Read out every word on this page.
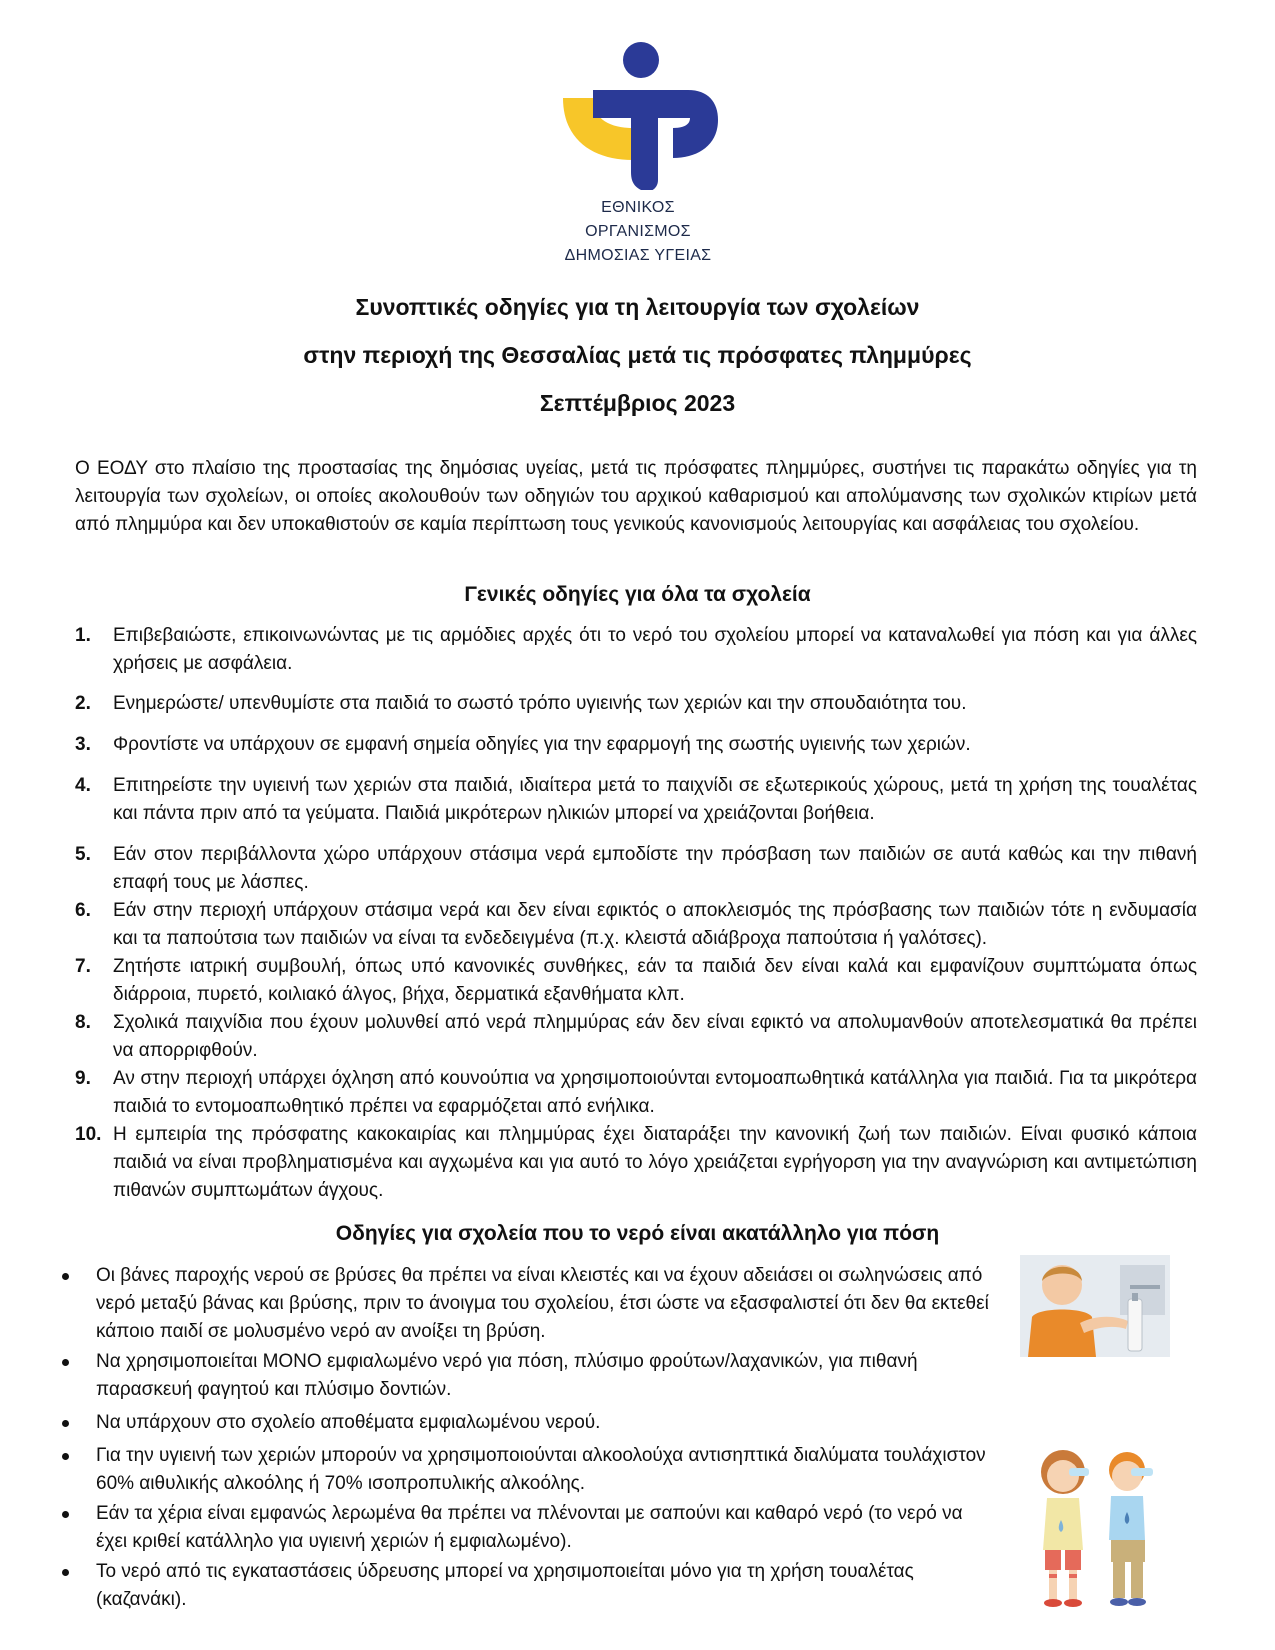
ΕΘΝΙΚΟΣ ΟΡΓΑΝΙΣΜΟΣ
ΔΗΜΟΣΙΑΣ ΥΓΕΙΑΣ
Συνοπτικές οδηγίες για τη λειτουργία των σχολείων
στην περιοχή της Θεσσαλίας μετά τις πρόσφατες πλημμύρες
Σεπτέμβριος 2023
Ο ΕΟΔΥ στο πλαίσιο της προστασίας της δημόσιας υγείας, μετά τις πρόσφατες πλημμύρες, συστήνει τις παρακάτω οδηγίες για τη λειτουργία των σχολείων, οι οποίες ακολουθούν των οδηγιών του αρχικού καθαρισμού και απολύμανσης των σχολικών κτιρίων μετά από πλημμύρα και δεν υποκαθιστούν σε καμία περίπτωση τους γενικούς κανονισμούς λειτουργίας και ασφάλειας του σχολείου.
Γενικές οδηγίες για όλα τα σχολεία
1. Επιβεβαιώστε, επικοινωνώντας με τις αρμόδιες αρχές ότι το νερό του σχολείου μπορεί να καταναλωθεί για πόση και για άλλες χρήσεις με ασφάλεια.
2. Ενημερώστε/ υπενθυμίστε στα παιδιά το σωστό τρόπο υγιεινής των χεριών και την σπουδαιότητα του.
3. Φροντίστε να υπάρχουν σε εμφανή σημεία οδηγίες για την εφαρμογή της σωστής υγιεινής των χεριών.
4. Επιτηρείστε την υγιεινή των χεριών στα παιδιά, ιδιαίτερα μετά το παιχνίδι σε εξωτερικούς χώρους, μετά τη χρήση της τουαλέτας και πάντα πριν από τα γεύματα. Παιδιά μικρότερων ηλικιών μπορεί να χρειάζονται βοήθεια.
5. Εάν στον περιβάλλοντα χώρο υπάρχουν στάσιμα νερά εμποδίστε την πρόσβαση των παιδιών σε αυτά καθώς και την πιθανή επαφή τους με λάσπες.
6. Εάν στην περιοχή υπάρχουν στάσιμα νερά και δεν είναι εφικτός ο αποκλεισμός της πρόσβασης των παιδιών τότε η ενδυμασία και τα παπούτσια των παιδιών να είναι τα ενδεδειγμένα (π.χ. κλειστά αδιάβροχα παπούτσια ή γαλότσες).
7. Ζητήστε ιατρική συμβουλή, όπως υπό κανονικές συνθήκες, εάν τα παιδιά δεν είναι καλά και εμφανίζουν συμπτώματα όπως διάρροια, πυρετό, κοιλιακό άλγος, βήχα, δερματικά εξανθήματα κλπ.
8. Σχολικά παιχνίδια που έχουν μολυνθεί από νερά πλημμύρας εάν δεν είναι εφικτό να απολυμανθούν αποτελεσματικά θα πρέπει να απορριφθούν.
9. Αν στην περιοχή υπάρχει όχληση από κουνούπια να χρησιμοποιούνται εντομοαπωθητικά κατάλληλα για παιδιά. Για τα μικρότερα παιδιά το εντομοαπωθητικό πρέπει να εφαρμόζεται από ενήλικα.
10. Η εμπειρία της πρόσφατης κακοκαιρίας και πλημμύρας έχει διαταράξει την κανονική ζωή των παιδιών. Είναι φυσικό κάποια παιδιά να είναι προβληματισμένα και αγχωμένα και για αυτό το λόγο χρειάζεται εγρήγορση για την αναγνώριση και αντιμετώπιση πιθανών συμπτωμάτων άγχους.
Οδηγίες για σχολεία που το νερό είναι ακατάλληλο για πόση
Οι βάνες παροχής νερού σε βρύσες θα πρέπει να είναι κλειστές και να έχουν αδειάσει οι σωληνώσεις από νερό μεταξύ βάνας και βρύσης, πριν το άνοιγμα του σχολείου, έτσι ώστε να εξασφαλιστεί ότι δεν θα εκτεθεί κάποιο παιδί σε μολυσμένο νερό αν ανοίξει τη βρύση.
Να χρησιμοποιείται ΜΟΝΟ εμφιαλωμένο νερό για πόση, πλύσιμο φρούτων/λαχανικών, για πιθανή παρασκευή φαγητού και πλύσιμο δοντιών.
Να υπάρχουν στο σχολείο αποθέματα εμφιαλωμένου νερού.
Για την υγιεινή των χεριών μπορούν να χρησιμοποιούνται αλκοολούχα αντισηπτικά διαλύματα τουλάχιστον 60% αιθυλικής αλκοόλης ή 70% ισοπροπυλικής αλκοόλης.
Εάν τα χέρια είναι εμφανώς λερωμένα θα πρέπει να πλένονται με σαπούνι και καθαρό νερό (το νερό να έχει κριθεί κατάλληλο για υγιεινή χεριών ή εμφιαλωμένο).
Το νερό από τις εγκαταστάσεις ύδρευσης μπορεί να χρησιμοποιείται μόνο για τη χρήση τουαλέτας (καζανάκι).
